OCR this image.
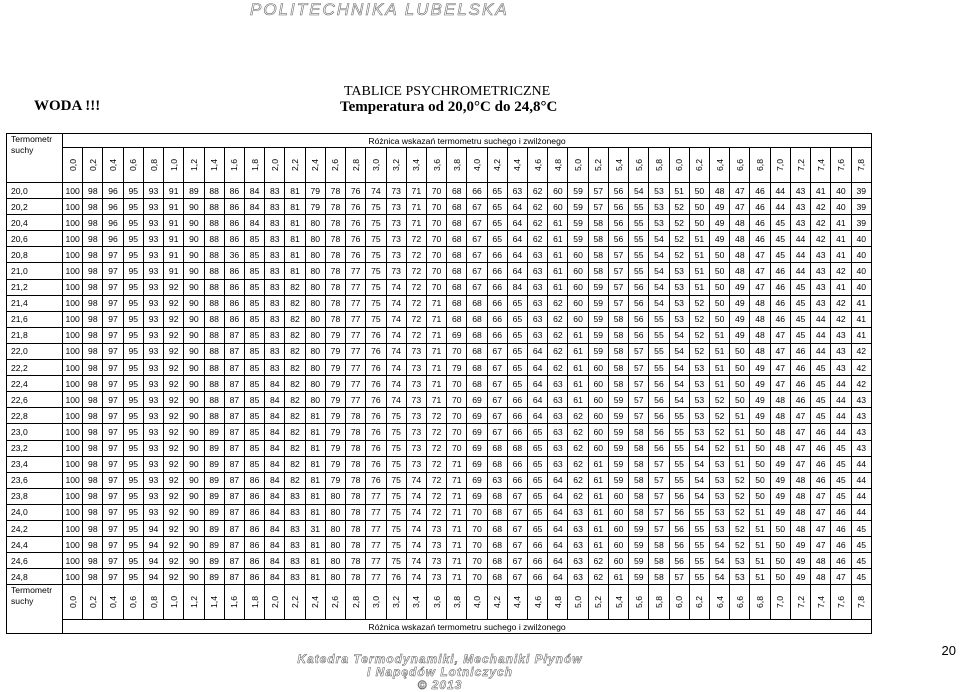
POLITECHNIKA LUBELSKA
TABLICE PSYCHROMETRICZNE
WODA !!!	Temperatura od 20,0°C do 24,8°C
Termometr
suchy	Różnica wskazań termometru suchego i zwilżonego																																							
	0,0	0,2	0,4	0,6	0,8	1,0	1,2	1,4	1,6	1,8	2,0	2,2	2,4	2,6	2,8	3,0	3,2	3,4	3,6	3,8	4,0	4,2	4,4	4,6	4,8	5,0	5,2	5,4	5,6	5,8	6,0	6,2	6,4	6,6	6,8	7,0	7,2	7,4	7,6	7,8
20,0	100	98	96	95	93	91	89	88	86	84	83	81	79	78	76	74	73	71	70	68	66	65	63	62	60	59	57	56	54	53	51	50	48	47	46	44	43	41	40	39
20,2	100	98	96	95	93	91	90	88	86	84	83	81	79	78	76	75	73	71	70	68	67	65	64	62	60	59	57	56	55	53	52	50	49	47	46	44	43	42	40	39
20,4	100	98	96	95	93	91	90	88	86	84	83	81	80	78	76	75	73	71	70	68	67	65	64	62	61	59	58	56	55	53	52	50	49	48	46	45	43	42	41	39
20,6	100	98	96	95	93	91	90	88	86	85	83	81	80	78	76	75	73	72	70	68	67	65	64	62	61	59	58	56	55	54	52	51	49	48	46	45	44	42	41	40
20,8	100	98	97	95	93	91	90	88	36	85	83	81	80	78	76	75	73	72	70	68	67	66	64	63	61	60	58	57	55	54	52	51	50	48	47	45	44	43	41	40
21,0	100	98	97	95	93	91	90	88	86	85	83	81	80	78	77	75	73	72	70	68	67	66	64	63	61	60	58	57	55	54	53	51	50	48	47	46	44	43	42	40
21,2	100	98	97	95	93	92	90	88	86	85	83	82	80	78	77	75	74	72	70	68	67	66	84	63	61	60	59	57	56	54	53	51	50	49	47	46	45	43	41	40
21,4	100	98	97	95	93	92	90	88	86	85	83	82	80	78	77	75	74	72	71	68	68	66	65	63	62	60	59	57	56	54	53	52	50	49	48	46	45	43	42	41
21,6	100	98	97	95	93	92	90	88	86	85	83	82	80	78	77	75	74	72	71	68	68	66	65	63	62	60	59	58	56	55	53	52	50	49	48	46	45	44	42	41
21,8	100	98	97	95	93	92	90	88	87	85	83	82	80	79	77	76	74	72	71	69	68	66	65	63	62	61	59	58	56	55	54	52	51	49	48	47	45	44	43	41
22,0	100	98	97	95	93	92	90	88	87	85	83	82	80	79	77	76	74	73	71	70	68	67	65	64	62	61	59	58	57	55	54	52	51	50	48	47	46	44	43	42
22,2	100	98	97	95	93	92	90	88	87	85	83	82	80	79	77	76	74	73	71	79	68	67	65	64	62	61	60	58	57	55	54	53	51	50	49	47	46	45	43	42
22,4	100	98	97	95	93	92	90	88	87	85	84	82	80	79	77	76	74	73	71	70	68	67	65	64	63	61	60	58	57	56	54	53	51	50	49	47	46	45	44	42
22,6	100	98	97	95	93	92	90	88	87	85	84	82	80	79	77	76	74	73	71	70	69	67	66	64	63	61	60	59	57	56	54	53	52	50	49	48	46	45	44	43
22,8	100	98	97	95	93	92	90	88	87	85	84	82	81	79	78	76	75	73	72	70	69	67	66	64	63	62	60	59	57	56	55	53	52	51	49	48	47	45	44	43
23,0	100	98	97	95	93	92	90	89	87	85	84	82	81	79	78	76	75	73	72	70	69	67	66	65	63	62	60	59	58	56	55	53	52	51	50	48	47	46	44	43
23,2	100	98	97	95	93	92	90	89	87	85	84	82	81	79	78	76	75	73	72	70	69	68	68	65	63	62	60	59	58	56	55	54	52	51	50	48	47	46	45	43
23,4	100	98	97	95	93	92	90	89	87	85	84	82	81	79	78	76	75	73	72	71	69	68	66	65	63	62	61	59	58	57	55	54	53	51	50	49	47	46	45	44
23,6	100	98	97	95	93	92	90	89	87	86	84	82	81	79	78	76	75	74	72	71	69	63	66	65	64	62	61	59	58	57	55	54	53	52	50	49	48	46	45	44
23,8	100	98	97	95	93	92	90	89	87	86	84	83	81	80	78	77	75	74	72	71	69	68	67	65	64	62	61	60	58	57	56	54	53	52	50	49	48	47	45	44
24,0	100	98	97	95	93	92	90	89	87	86	84	83	81	80	78	77	75	74	72	71	70	68	67	65	64	63	61	60	58	57	56	55	53	52	51	49	48	47	46	44
24,2	100	98	97	95	94	92	90	89	87	86	84	83	31	80	78	77	75	74	73	71	70	68	67	65	64	63	61	60	59	57	56	55	53	52	51	50	48	47	46	45
24,4	100	98	97	95	94	92	90	89	87	86	84	83	81	80	78	77	75	74	73	71	70	68	67	66	64	63	61	60	59	58	56	55	54	52	51	50	49	47	46	45
24,6	100	98	97	95	94	92	90	89	87	86	84	83	81	80	78	77	75	74	73	71	70	68	67	66	64	63	62	60	59	58	56	55	54	53	51	50	49	48	46	45
24,8	100	98	97	95	94	92	90	89	87	86	84	83	81	80	78	77	76	74	73	71	70	68	67	66	64	63	62	61	59	58	57	55	54	53	51	50	49	48	47	45

Termometr
suchy	0,0	0,2	0,4	0,6	0,8	1,0	1,2	1,4	1,6	1,8	2,0	2,2	2,4	2,6	2,8	3,0	3,2	3,4	3,6	3,8	4,0	4,2	4,4	4,6	4,8	5,0	5,2	5,4	5,6	5,8	6,0	6,2	6,4	6,6	6,8	7,0	7,2	7,4	7,6	7,8
	Różnica wskazań termometru suchego i zwilżonego																																							
20
Katedra Termodynamiki, Mechaniki Płynów
I Napędów Lotniczych
© 2013
